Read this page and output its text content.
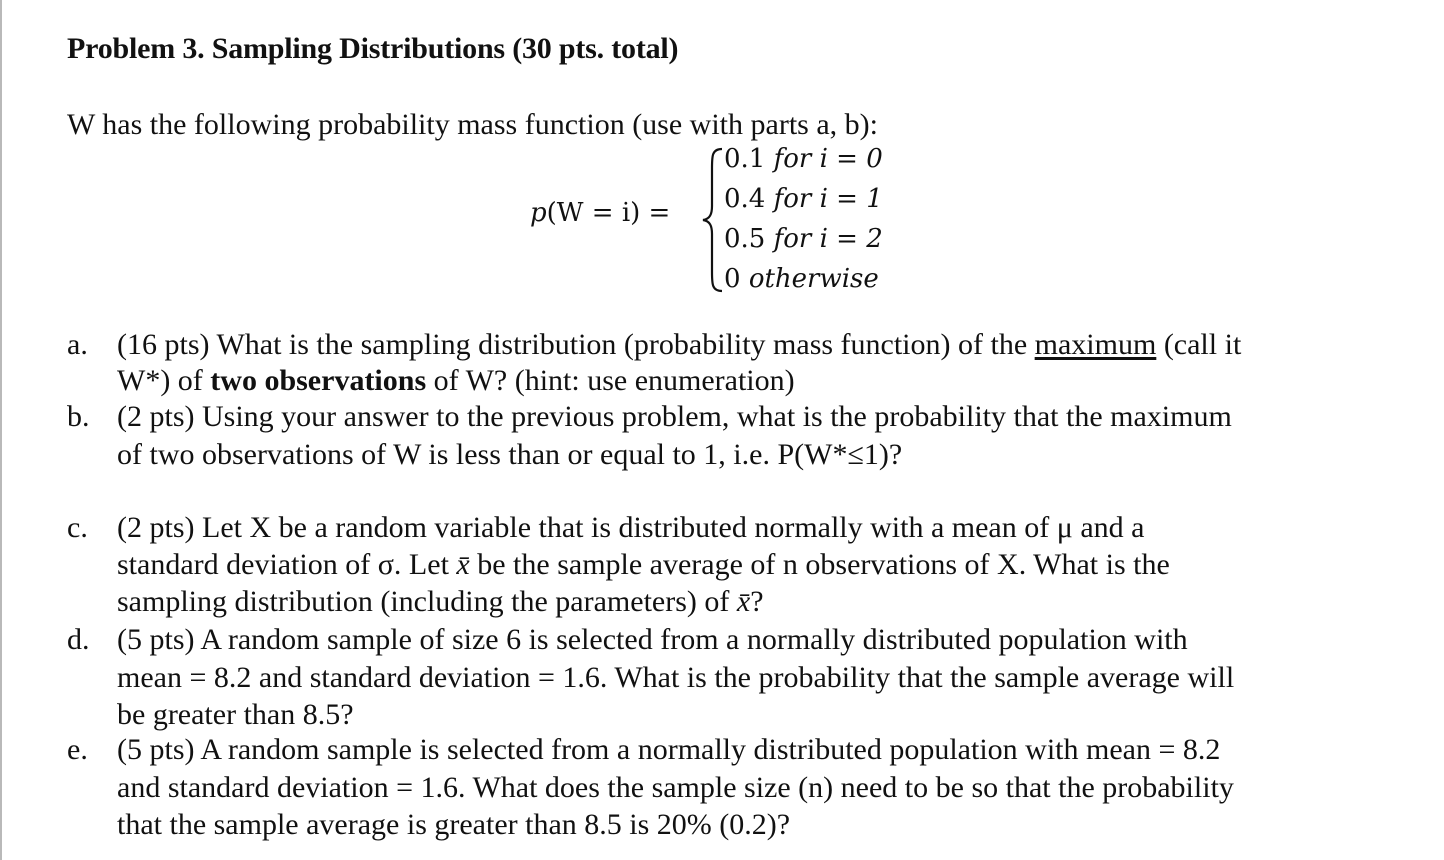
Problem 3. Sampling Distributions (30 pts. total)
W has the following probability mass function (use with parts a, b):
p(W = i) =
0.1 for i = 0
0.4 for i = 1
0.5 for i = 2
0 otherwise
a. (16 pts) What is the sampling distribution (probability mass function) of the maximum (call it
W*) of two observations of W? (hint: use enumeration)
b. (2 pts) Using your answer to the previous problem, what is the probability that the maximum
of two observations of W is less than or equal to 1, i.e. P(W*≤1)?
c. (2 pts) Let X be a random variable that is distributed normally with a mean of μ and a
standard deviation of σ. Let x̄ be the sample average of n observations of X. What is the
sampling distribution (including the parameters) of x̄?
d. (5 pts) A random sample of size 6 is selected from a normally distributed population with
mean = 8.2 and standard deviation = 1.6. What is the probability that the sample average will
be greater than 8.5?
e. (5 pts) A random sample is selected from a normally distributed population with mean = 8.2
and standard deviation = 1.6. What does the sample size (n) need to be so that the probability
that the sample average is greater than 8.5 is 20% (0.2)?
